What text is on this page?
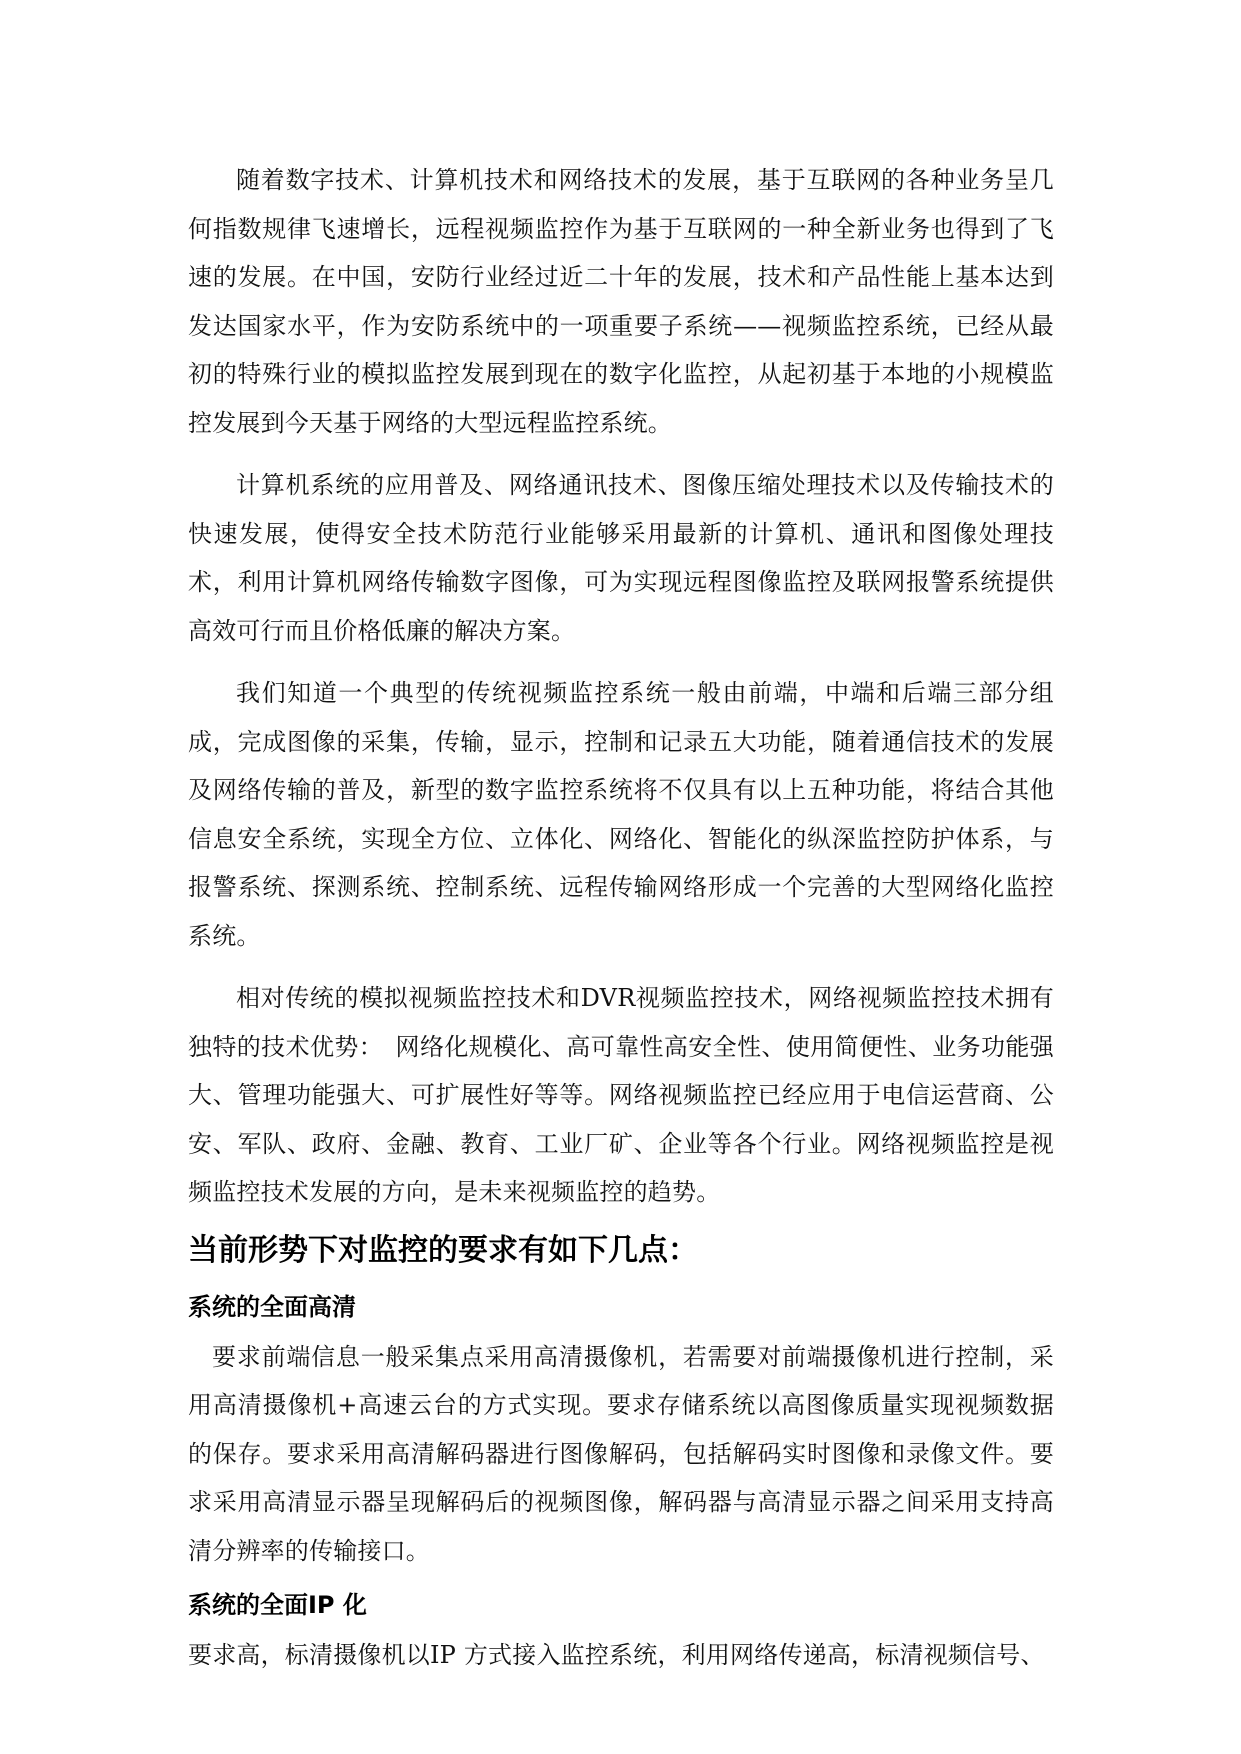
随着数字技术、计算机技术和网络技术的发展，基于互联网的各种业务呈几何指数规律飞速增长，远程视频监控作为基于互联网的一种全新业务也得到了飞速的发展。在中国，安防行业经过近二十年的发展，技术和产品性能上基本达到发达国家水平，作为安防系统中的一项重要子系统——视频监控系统，已经从最初的特殊行业的模拟监控发展到现在的数字化监控，从起初基于本地的小规模监控发展到今天基于网络的大型远程监控系统。

计算机系统的应用普及、网络通讯技术、图像压缩处理技术以及传输技术的快速发展，使得安全技术防范行业能够采用最新的计算机、通讯和图像处理技术，利用计算机网络传输数字图像，可为实现远程图像监控及联网报警系统提供高效可行而且价格低廉的解决方案。

我们知道一个典型的传统视频监控系统一般由前端，中端和后端三部分组成，完成图像的采集，传输，显示，控制和记录五大功能，随着通信技术的发展及网络传输的普及，新型的数字监控系统将不仅具有以上五种功能，将结合其他信息安全系统，实现全方位、立体化、网络化、智能化的纵深监控防护体系，与报警系统、探测系统、控制系统、远程传输网络形成一个完善的大型网络化监控系统。

相对传统的模拟视频监控技术和DVR视频监控技术，网络视频监控技术拥有独特的技术优势：　网络化规模化、高可靠性高安全性、使用简便性、业务功能强大、管理功能强大、可扩展性好等等。网络视频监控已经应用于电信运营商、公安、军队、政府、金融、教育、工业厂矿、企业等各个行业。网络视频监控是视频监控技术发展的方向，是未来视频监控的趋势。

当前形势下对监控的要求有如下几点：
系统的全面高清

要求前端信息一般采集点采用高清摄像机，若需要对前端摄像机进行控制，采用高清摄像机+高速云台的方式实现。要求存储系统以高图像质量实现视频数据的保存。要求采用高清解码器进行图像解码，包括解码实时图像和录像文件。要求采用高清显示器呈现解码后的视频图像，解码器与高清显示器之间采用支持高清分辨率的传输接口。

系统的全面IP 化

要求高，标清摄像机以IP 方式接入监控系统，利用网络传递高，标清视频信号、
